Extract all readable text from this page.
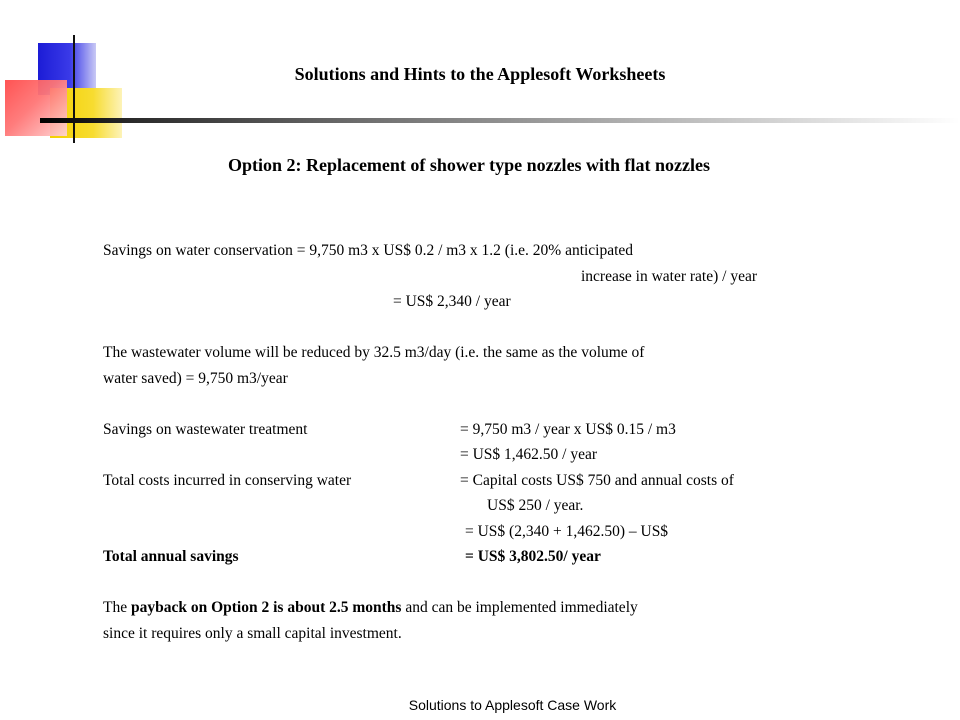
Solutions and Hints to the Applesoft Worksheets
Option 2: Replacement of shower type nozzles with flat nozzles
Savings on water conservation = 9,750 m3 x US$ 0.2 / m3 x 1.2 (i.e. 20% anticipated
increase in water rate) / year
= US$ 2,340 / year
The wastewater volume will be reduced by 32.5 m3/day (i.e. the same as the volume of
water saved) = 9,750 m3/year
Savings on wastewater treatment	= 9,750 m3 / year x US$ 0.15 / m3
= US$ 1,462.50 / year
Total costs incurred in conserving water	= Capital costs US$ 750 and annual costs of
US$ 250 / year.
= US$ (2,340 + 1,462.50) – US$
Total annual savings	= US$ 3,802.50/ year
The payback on Option 2 is about 2.5 months and can be implemented immediately
since it requires only a small capital investment.
Solutions to Applesoft Case Work
